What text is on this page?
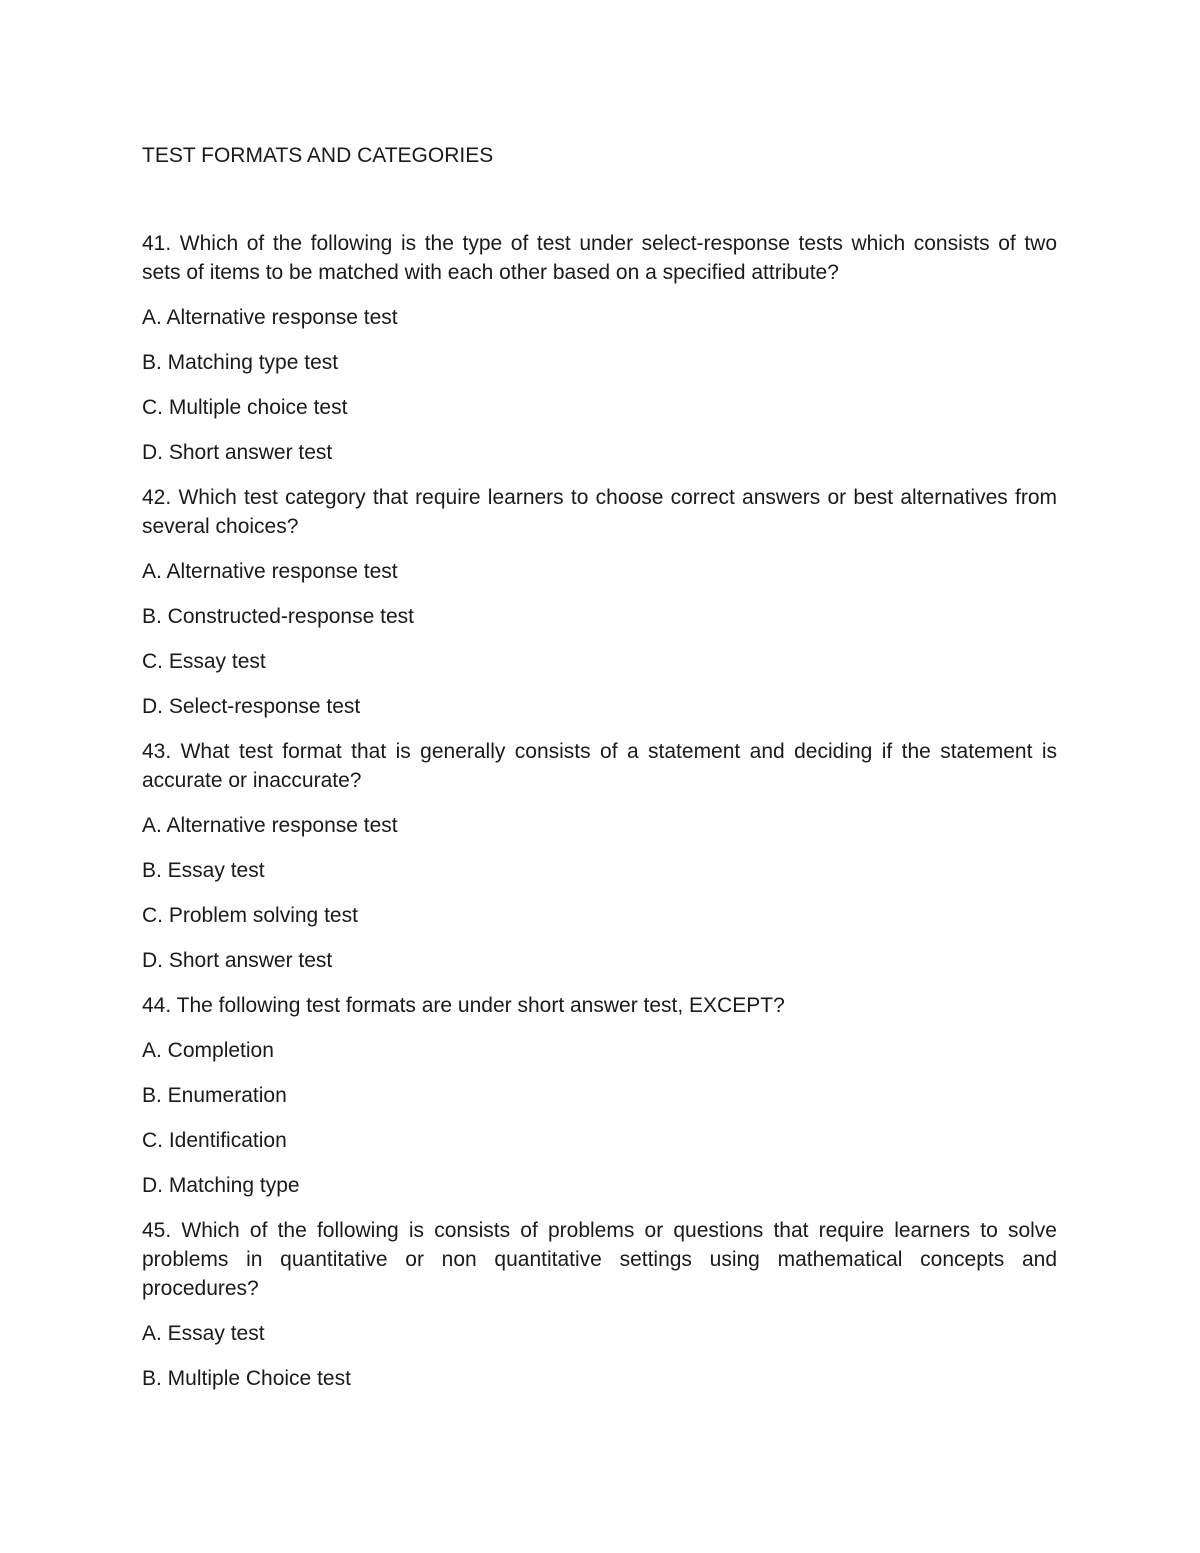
TEST FORMATS AND CATEGORIES

41. Which of the following is the type of test under select-response tests which consists of two sets of items to be matched with each other based on a specified attribute?

A. Alternative response test

B. Matching type test

C. Multiple choice test

D. Short answer test

42. Which test category that require learners to choose correct answers or best alternatives from several choices?

A. Alternative response test

B. Constructed-response test

C. Essay test

D. Select-response test

43. What test format that is generally consists of a statement and deciding if the statement is accurate or inaccurate?

A. Alternative response test

B. Essay test

C. Problem solving test

D. Short answer test

44. The following test formats are under short answer test, EXCEPT?

A. Completion

B. Enumeration

C. Identification

D. Matching type

45. Which of the following is consists of problems or questions that require learners to solve problems in quantitative or non quantitative settings using mathematical concepts and procedures?

A. Essay test

B. Multiple Choice test
